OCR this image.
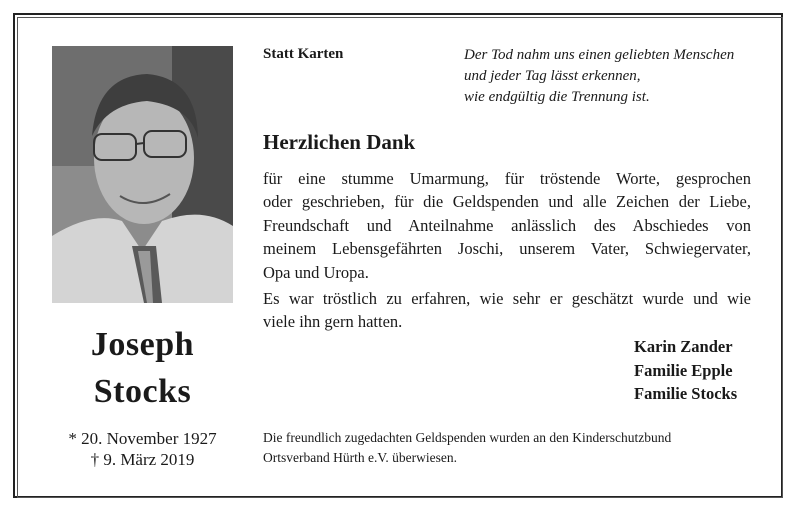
Joseph
Stocks
* 20. November 1927
† 9. März 2019
Statt Karten	Der Tod nahm uns einen geliebten Menschen
und jeder Tag lässt erkennen,
wie endgültig die Trennung ist.
Herzlichen Dank
für eine stumme Umarmung, für tröstende Worte, gesprochen
oder geschrieben, für die Geldspenden und alle Zeichen der Liebe,
Freundschaft und Anteilnahme anlässlich des Abschiedes von
meinem Lebensgefährten Joschi, unserem Vater, Schwiegervater,
Opa und Uropa.
Es war tröstlich zu erfahren, wie sehr er geschätzt wurde und wie
viele ihn gern hatten.
Karin Zander
Familie Epple
Familie Stocks
Die freundlich zugedachten Geldspenden wurden an den Kinderschutzbund
Ortsverband Hürth e.V. überwiesen.
